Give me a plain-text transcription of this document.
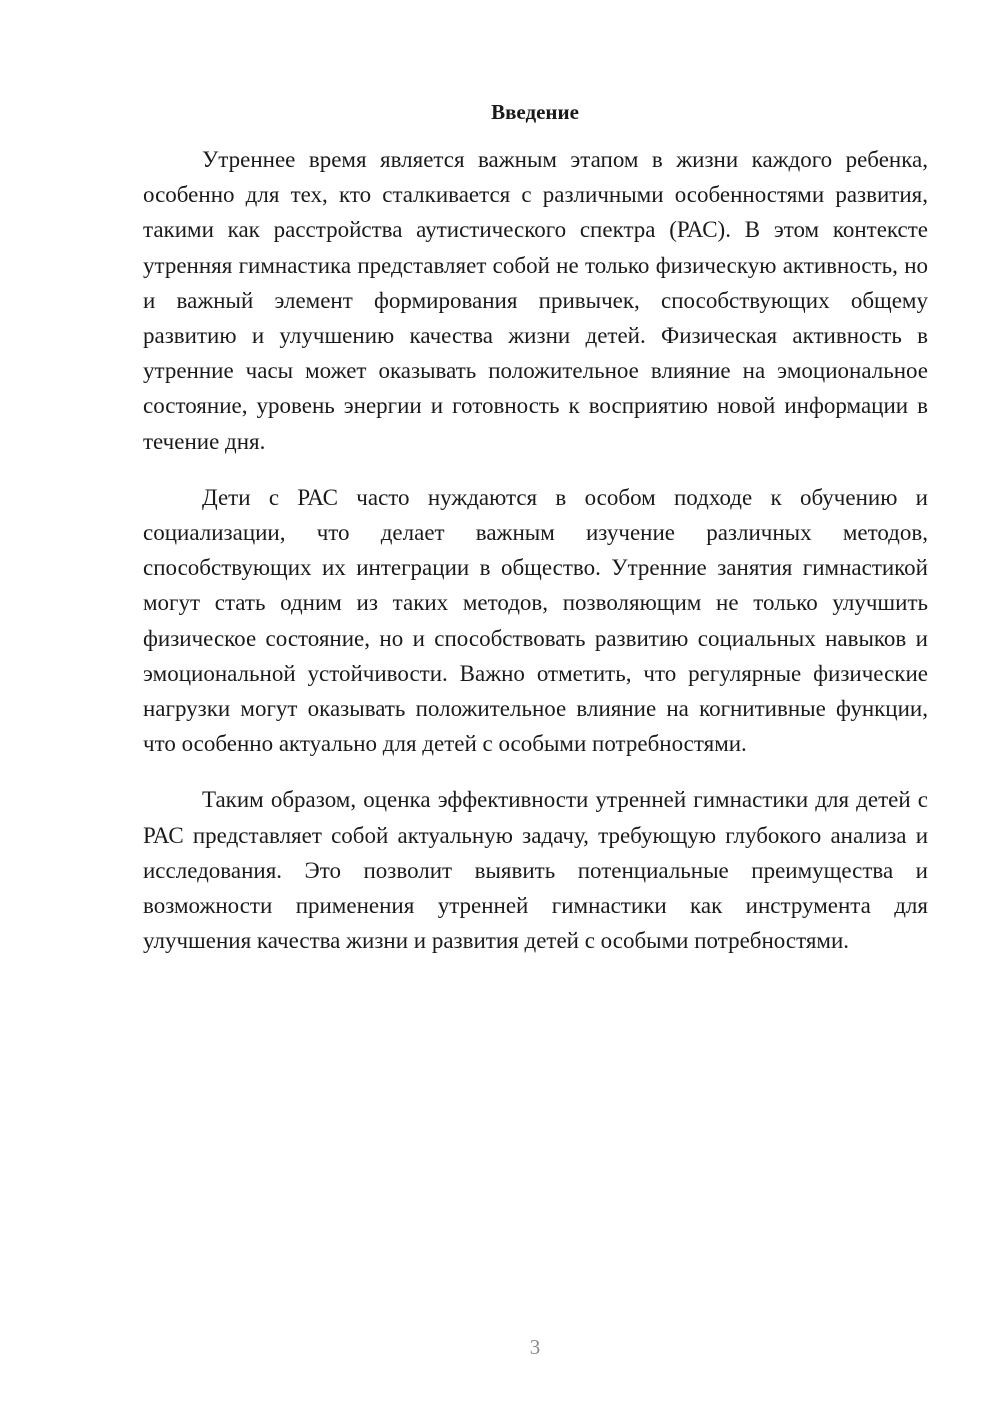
Введение

Утреннее время является важным этапом в жизни каждого ребенка, особенно для тех, кто сталкивается с различными особенностями развития, такими как расстройства аутистического спектра (РАС). В этом контексте утренняя гимнастика представляет собой не только физическую активность, но и важный элемент формирования привычек, способствующих общему развитию и улучшению качества жизни детей. Физическая активность в утренние часы может оказывать положительное влияние на эмоциональное состояние, уровень энергии и готовность к восприятию новой информации в течение дня.

Дети с РАС часто нуждаются в особом подходе к обучению и социализации, что делает важным изучение различных методов, способствующих их интеграции в общество. Утренние занятия гимнастикой могут стать одним из таких методов, позволяющим не только улучшить физическое состояние, но и способствовать развитию социальных навыков и эмоциональной устойчивости. Важно отметить, что регулярные физические нагрузки могут оказывать положительное влияние на когнитивные функции, что особенно актуально для детей с особыми потребностями.

Таким образом, оценка эффективности утренней гимнастики для детей с РАС представляет собой актуальную задачу, требующую глубокого анализа и исследования. Это позволит выявить потенциальные преимущества и возможности применения утренней гимнастики как инструмента для улучшения качества жизни и развития детей с особыми потребностями.

3
